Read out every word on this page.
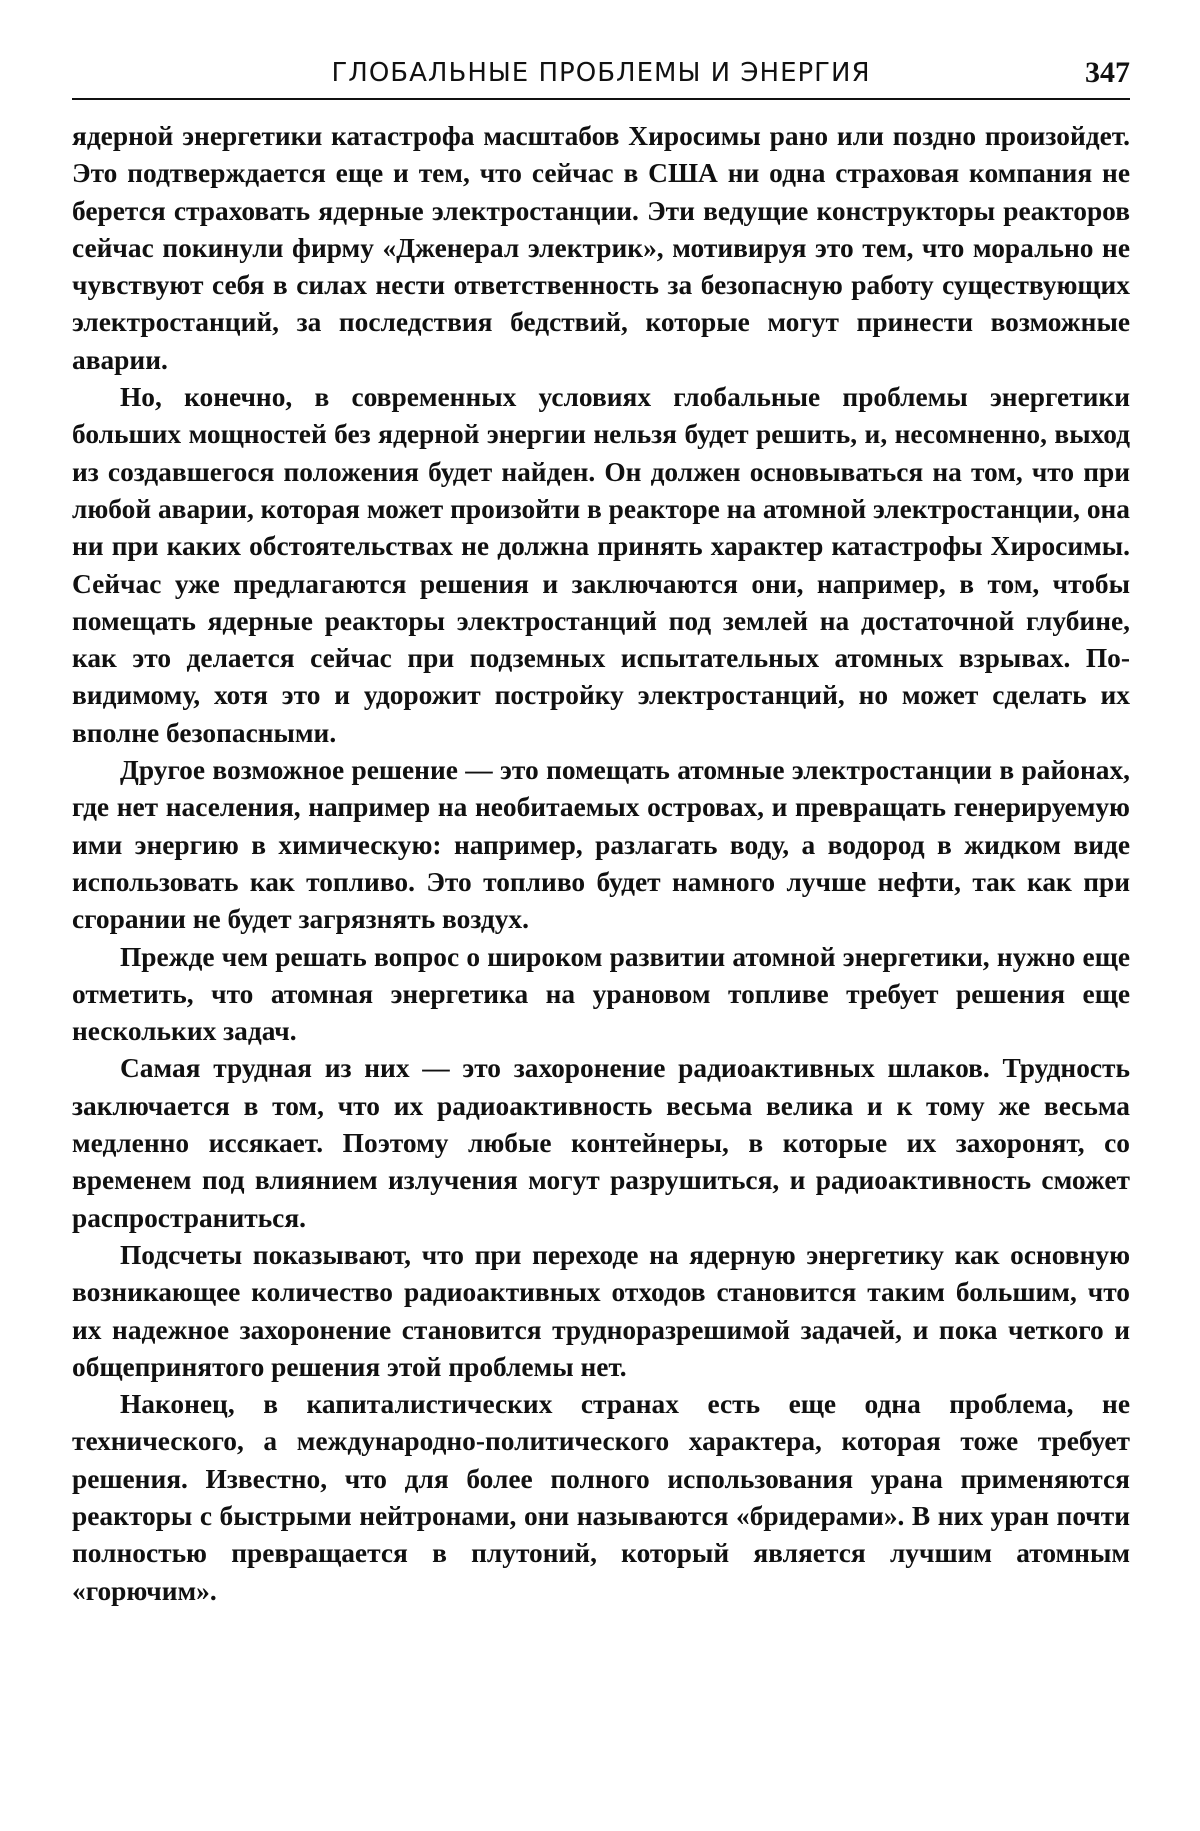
ГЛОБАЛЬНЫЕ ПРОБЛЕМЫ И ЭНЕРГИЯ	347

ядерной энергетики катастрофа масштабов Хиросимы рано или поздно произойдет. Это подтверждается еще и тем, что сейчас в США ни одна страховая компания не берется страховать ядерные электростанции. Эти ведущие конструкторы реакторов сейчас покинули фирму «Дженерал электрик», мотивируя это тем, что морально не чувствуют себя в силах нести ответственность за безопасную работу существующих электростанций, за последствия бедствий, которые могут принести возможные аварии.

Но, конечно, в современных условиях глобальные проблемы энергетики больших мощностей без ядерной энергии нельзя будет решить, и, несомненно, выход из создавшегося положения будет найден. Он должен основываться на том, что при любой аварии, которая может произойти в реакторе на атомной электростанции, она ни при каких обстоятельствах не должна принять характер катастрофы Хиросимы. Сейчас уже предлагаются решения и заключаются они, например, в том, чтобы помещать ядерные реакторы электростанций под землей на достаточной глубине, как это делается сейчас при подземных испытательных атомных взрывах. По-видимому, хотя это и удорожит постройку электростанций, но может сделать их вполне безопасными.

Другое возможное решение — это помещать атомные электростанции в районах, где нет населения, например на необитаемых островах, и превращать генерируемую ими энергию в химическую: например, разлагать воду, а водород в жидком виде использовать как топливо. Это топливо будет намного лучше нефти, так как при сгорании не будет загрязнять воздух.

Прежде чем решать вопрос о широком развитии атомной энергетики, нужно еще отметить, что атомная энергетика на урановом топливе требует решения еще нескольких задач.

Самая трудная из них — это захоронение радиоактивных шлаков. Трудность заключается в том, что их радиоактивность весьма велика и к тому же весьма медленно иссякает. Поэтому любые контейнеры, в которые их захоронят, со временем под влиянием излучения могут разрушиться, и радиоактивность сможет распространиться.

Подсчеты показывают, что при переходе на ядерную энергетику как основную возникающее количество радиоактивных отходов становится таким большим, что их надежное захоронение становится трудноразрешимой задачей, и пока четкого и общепринятого решения этой проблемы нет.

Наконец, в капиталистических странах есть еще одна проблема, не технического, а международно-политического характера, которая тоже требует решения. Известно, что для более полного использования урана применяются реакторы с быстрыми нейтронами, они называются «бридерами». В них уран почти полностью превращается в плутоний, который является лучшим атомным «горючим».
